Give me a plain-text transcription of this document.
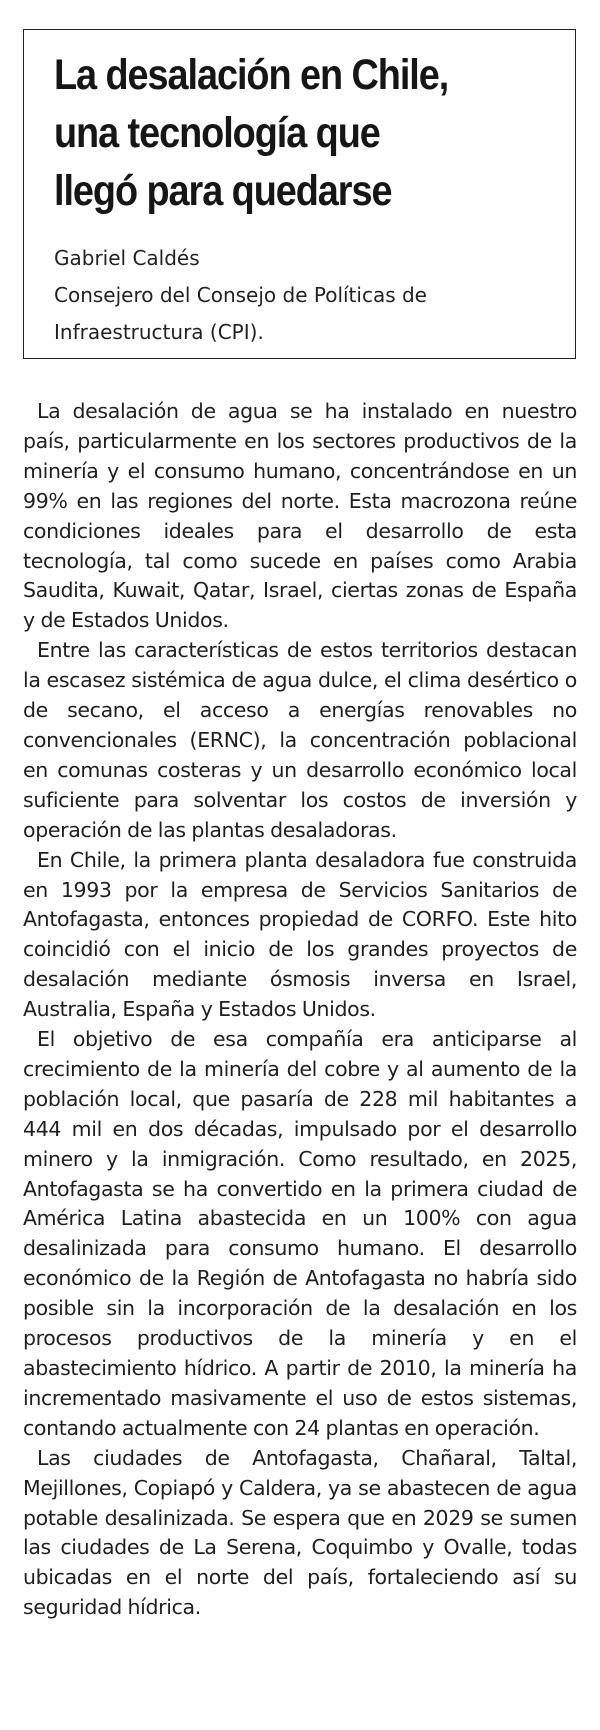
La desalación en Chile,
una tecnología que
llegó para quedarse
Gabriel Caldés
Consejero del Consejo de Políticas de
Infraestructura (CPI).

La desalación de agua se ha instalado en nuestro país, particularmente en los sectores productivos de la minería y el consumo humano, concentrándose en un 99% en las regiones del norte. Esta macrozona reúne condiciones ideales para el desarrollo de esta tecnología, tal como sucede en países como Arabia Saudita, Kuwait, Qatar, Israel, ciertas zonas de España y de Estados Unidos.

Entre las características de estos territorios destacan la escasez sistémica de agua dulce, el clima desértico o de secano, el acceso a energías renovables no convencionales (ERNC), la concentración poblacional en comunas costeras y un desarrollo económico local suficiente para solventar los costos de inversión y operación de las plantas desaladoras.

En Chile, la primera planta desaladora fue construida en 1993 por la empresa de Servicios Sanitarios de Antofagasta, entonces propiedad de CORFO. Este hito coincidió con el inicio de los grandes proyectos de desalación mediante ósmosis inversa en Israel, Australia, España y Estados Unidos.

El objetivo de esa compañía era anticiparse al crecimiento de la minería del cobre y al aumento de la población local, que pasaría de 228 mil habitantes a 444 mil en dos décadas, impulsado por el desarrollo minero y la inmigración. Como resultado, en 2025, Antofagasta se ha convertido en la primera ciudad de América Latina abastecida en un 100% con agua desalinizada para consumo humano. El desarrollo económico de la Región de Antofagasta no habría sido posible sin la incorporación de la desalación en los procesos productivos de la minería y en el abastecimiento hídrico. A partir de 2010, la minería ha incrementado masivamente el uso de estos sistemas, contando actualmente con 24 plantas en operación.

Las ciudades de Antofagasta, Chañaral, Taltal, Mejillones, Copiapó y Caldera, ya se abastecen de agua potable desalinizada. Se espera que en 2029 se sumen las ciudades de La Serena, Coquimbo y Ovalle, todas ubicadas en el norte del país, fortaleciendo así su seguridad hídrica.
